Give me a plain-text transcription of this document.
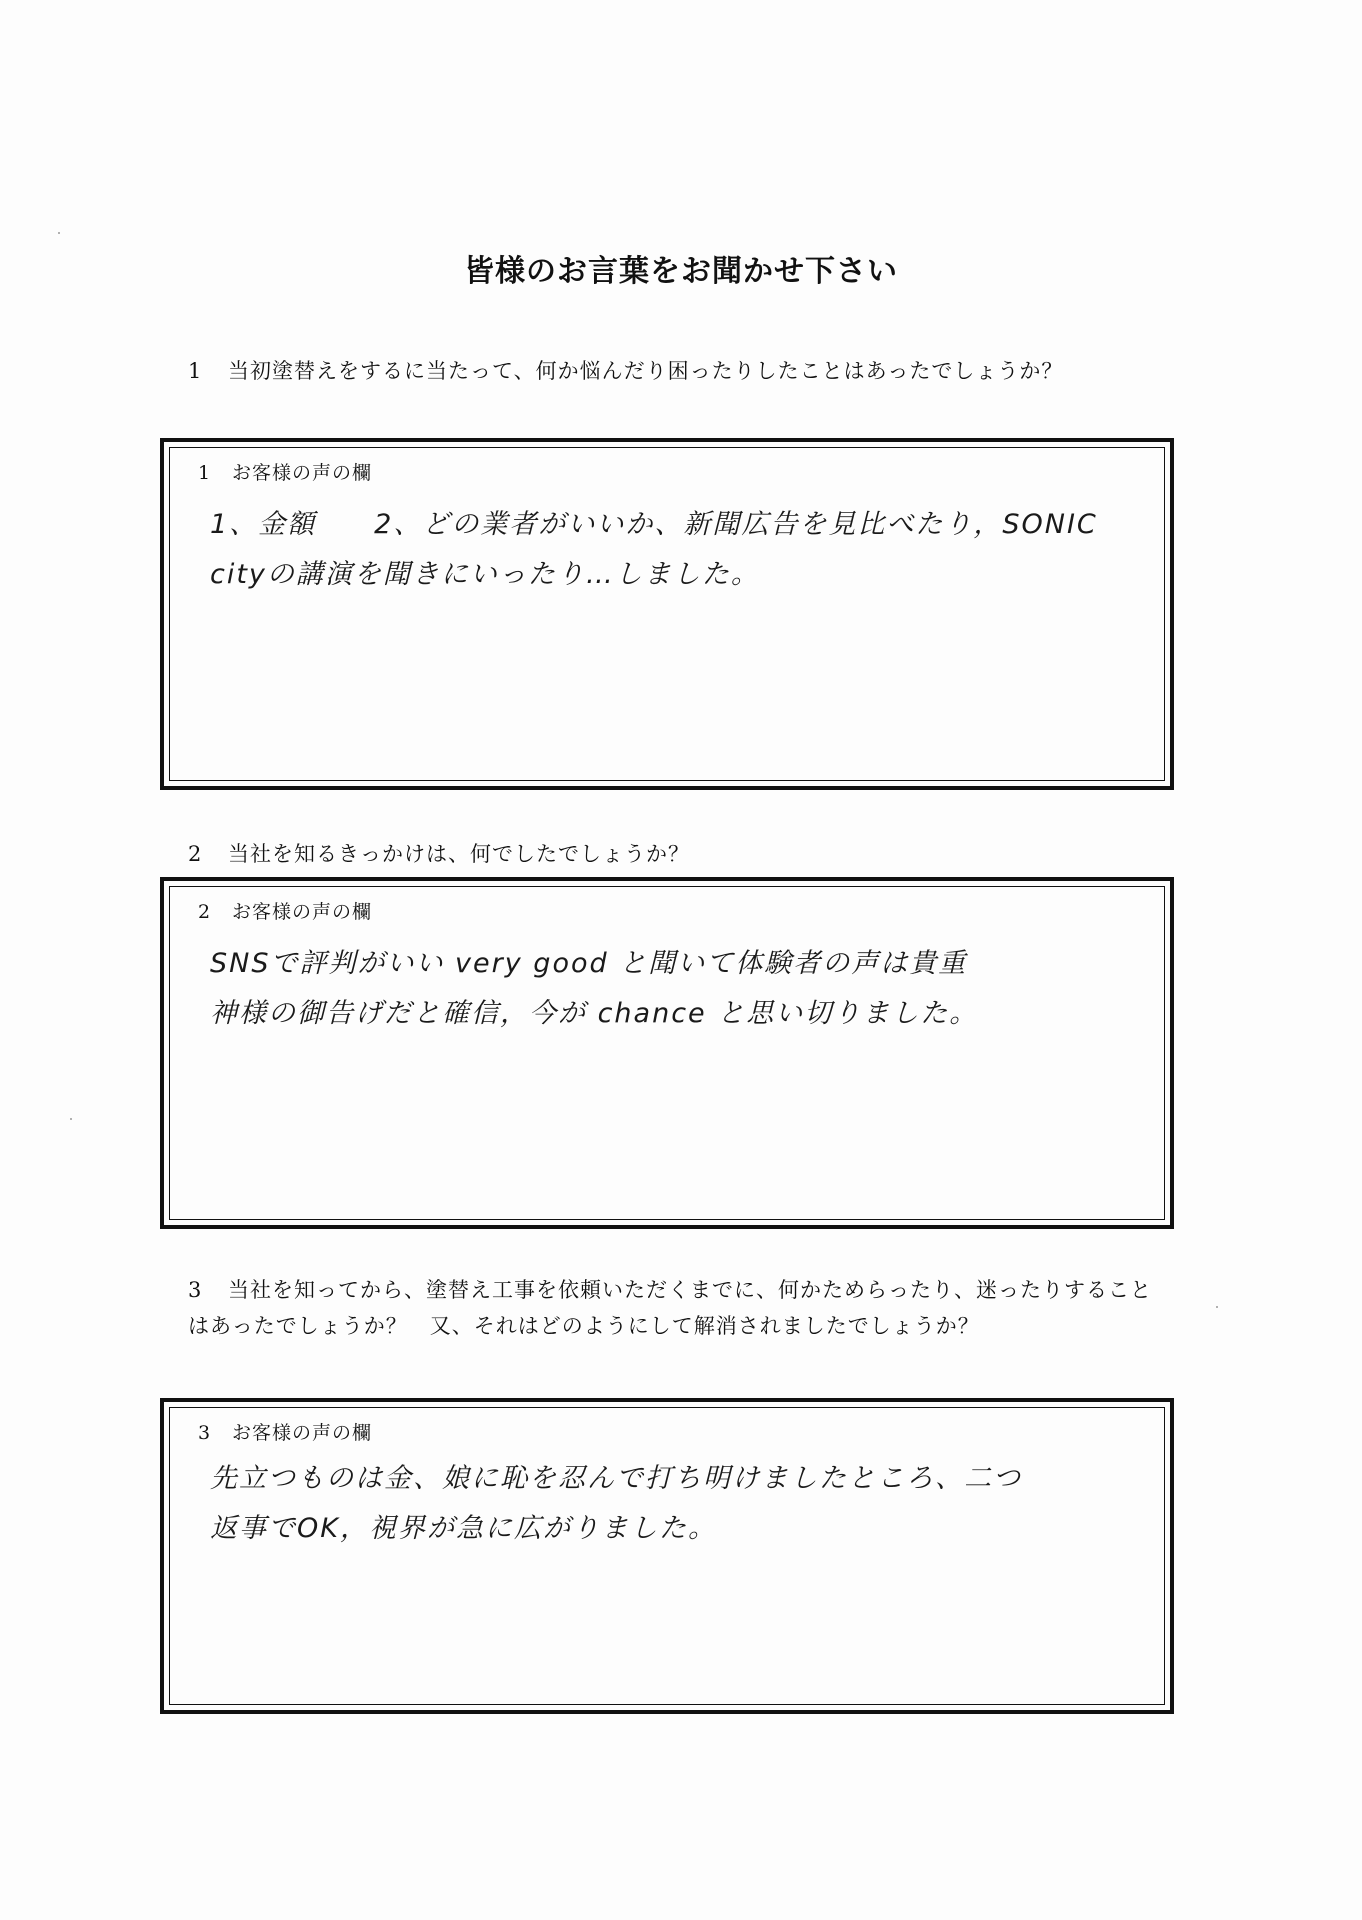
皆様のお言葉をお聞かせ下さい
1 当初塗替えをするに当たって、何か悩んだり困ったりしたことはあったでしょうか？
1 お客様の声の欄
1、金額　　2、どの業者がいいか、新聞広告を見比べたり，SONIC
cityの講演を聞きにいったり…しました。
2 当社を知るきっかけは、何でしたでしょうか？
2 お客様の声の欄
SNSで評判がいい very good と聞いて体験者の声は貴重
神様の御告げだと確信，今が chance と思い切りました。
3 当社を知ってから、塗替え工事を依頼いただくまでに、何かためらったり、迷ったりすることはあったでしょうか？　又、それはどのようにして解消されましたでしょうか？
3 お客様の声の欄
先立つものは金、娘に恥を忍んで打ち明けましたところ、二つ
返事でOK，視界が急に広がりました。
